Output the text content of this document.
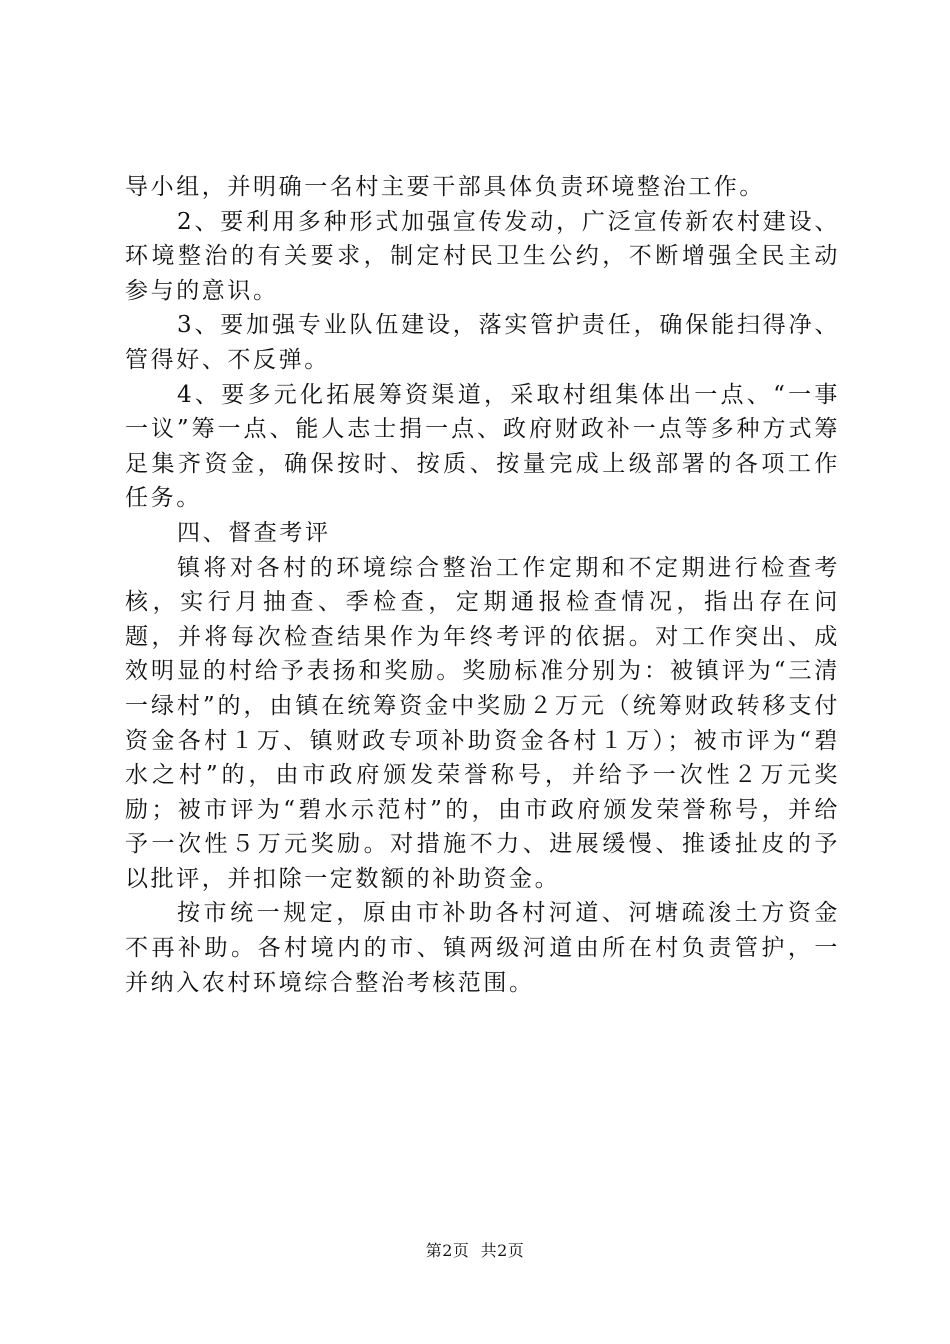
导小组，并明确一名村主要干部具体负责环境整治工作。

2、要利用多种形式加强宣传发动，广泛宣传新农村建设、环境整治的有关要求，制定村民卫生公约，不断增强全民主动参与的意识。

3、要加强专业队伍建设，落实管护责任，确保能扫得净、管得好、不反弹。

4、要多元化拓展筹资渠道，采取村组集体出一点、“一事一议”筹一点、能人志士捐一点、政府财政补一点等多种方式筹足集齐资金，确保按时、按质、按量完成上级部署的各项工作任务。

四、督查考评

镇将对各村的环境综合整治工作定期和不定期进行检查考核，实行月抽查、季检查，定期通报检查情况，指出存在问题，并将每次检查结果作为年终考评的依据。对工作突出、成效明显的村给予表扬和奖励。奖励标准分别为：被镇评为“三清一绿村”的，由镇在统筹资金中奖励２万元（统筹财政转移支付资金各村１万、镇财政专项补助资金各村１万）；被市评为“碧水之村”的，由市政府颁发荣誉称号，并给予一次性２万元奖励；被市评为“碧水示范村”的，由市政府颁发荣誉称号，并给予一次性５万元奖励。对措施不力、进展缓慢、推诿扯皮的予以批评，并扣除一定数额的补助资金。

按市统一规定，原由市补助各村河道、河塘疏浚土方资金不再补助。各村境内的市、镇两级河道由所在村负责管护，一并纳入农村环境综合整治考核范围。

第2页  共2页
